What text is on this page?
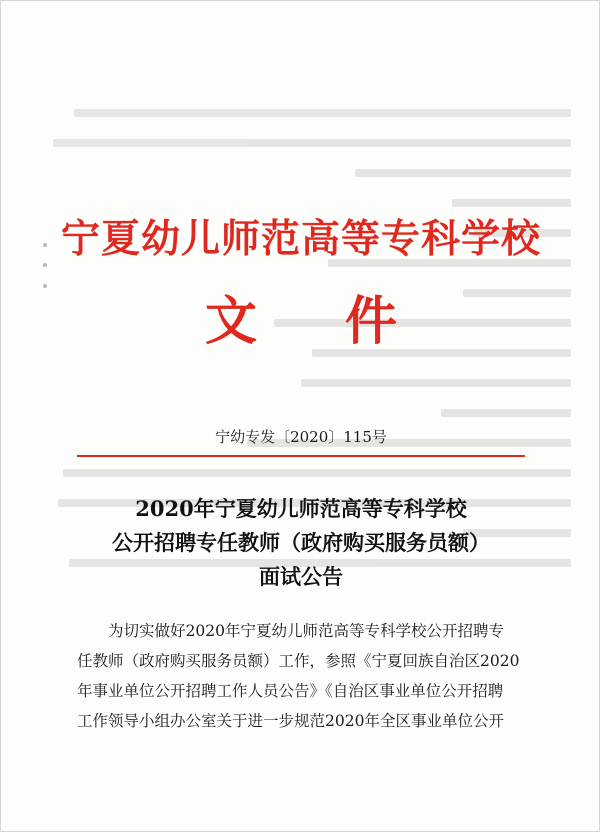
宁夏幼儿师范高等专科学校
文件
宁幼专发〔2020〕115号
2020年宁夏幼儿师范高等专科学校
公开招聘专任教师（政府购买服务员额）
面试公告
为切实做好2020年宁夏幼儿师范高等专科学校公开招聘专
任教师（政府购买服务员额）工作，参照《宁夏回族自治区2020
年事业单位公开招聘工作人员公告》《自治区事业单位公开招聘
工作领导小组办公室关于进一步规范2020年全区事业单位公开
